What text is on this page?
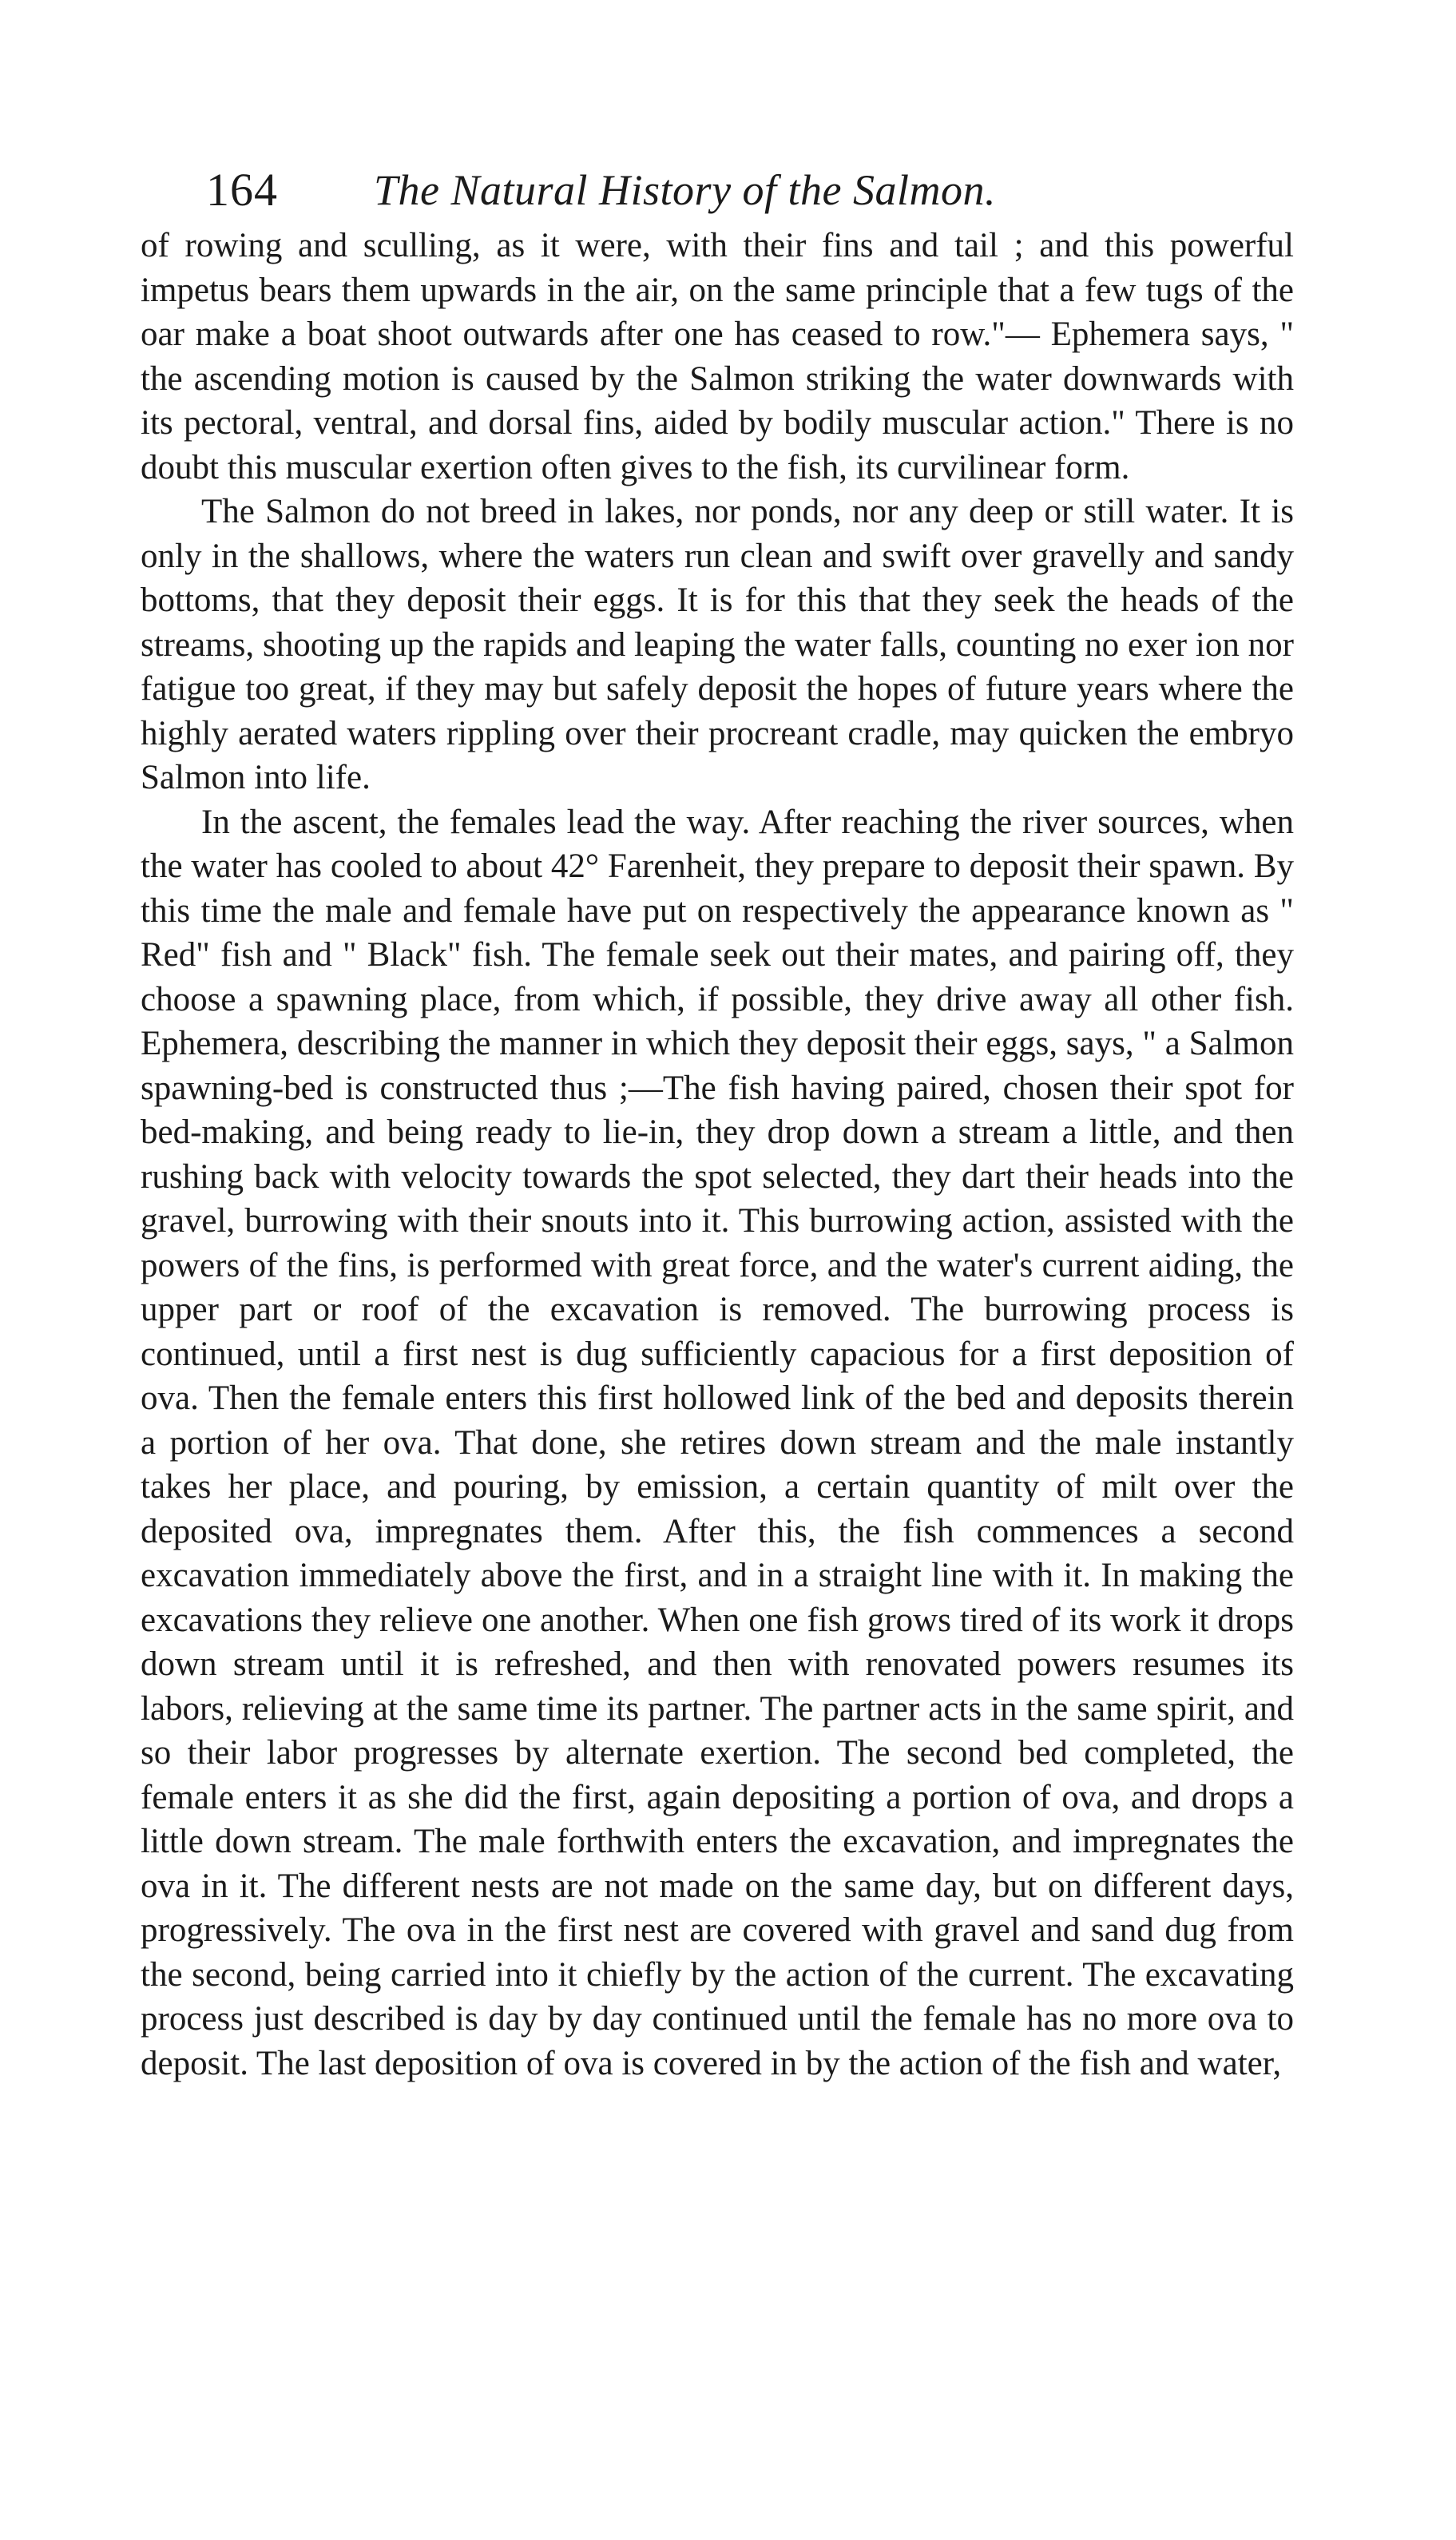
164 The Natural History of the Salmon.

of rowing and sculling, as it were, with their fins and tail ; and this powerful impetus bears them upwards in the air, on the same principle that a few tugs of the oar make a boat shoot outwards after one has ceased to row."— Ephemera says, " the ascending motion is caused by the Salmon striking the water downwards with its pectoral, ventral, and dorsal fins, aided by bodily muscular action." There is no doubt this muscular exertion often gives to the fish, its curvilinear form.

The Salmon do not breed in lakes, nor ponds, nor any deep or still water. It is only in the shallows, where the waters run clean and swift over gravelly and sandy bottoms, that they deposit their eggs. It is for this that they seek the heads of the streams, shooting up the rapids and leaping the water falls, counting no exer ion nor fatigue too great, if they may but safely deposit the hopes of future years where the highly aerated waters rippling over their procreant cradle, may quicken the embryo Salmon into life.

In the ascent, the females lead the way. After reaching the river sources, when the water has cooled to about 42° Farenheit, they prepare to deposit their spawn. By this time the male and female have put on respectively the appearance known as " Red" fish and " Black" fish. The female seek out their mates, and pairing off, they choose a spawning place, from which, if possible, they drive away all other fish. Ephemera, describing the manner in which they deposit their eggs, says, " a Salmon spawning-bed is constructed thus ;—The fish having paired, chosen their spot for bed-making, and being ready to lie-in, they drop down a stream a little, and then rushing back with velocity towards the spot selected, they dart their heads into the gravel, burrowing with their snouts into it. This burrowing action, assisted with the powers of the fins, is performed with great force, and the water's current aiding, the upper part or roof of the excavation is removed. The burrowing process is continued, until a first nest is dug sufficiently capacious for a first deposition of ova. Then the female enters this first hollowed link of the bed and deposits therein a portion of her ova. That done, she retires down stream and the male instantly takes her place, and pouring, by emission, a certain quantity of milt over the deposited ova, impregnates them. After this, the fish commences a second excavation immediately above the first, and in a straight line with it. In making the excavations they relieve one another. When one fish grows tired of its work it drops down stream until it is refreshed, and then with renovated powers resumes its labors, relieving at the same time its partner. The partner acts in the same spirit, and so their labor progresses by alternate exertion. The second bed completed, the female enters it as she did the first, again depositing a portion of ova, and drops a little down stream. The male forthwith enters the excavation, and impregnates the ova in it. The different nests are not made on the same day, but on different days, progressively. The ova in the first nest are covered with gravel and sand dug from the second, being carried into it chiefly by the action of the current. The excavating process just described is day by day continued until the female has no more ova to deposit. The last deposition of ova is covered in by the action of the fish and water,
